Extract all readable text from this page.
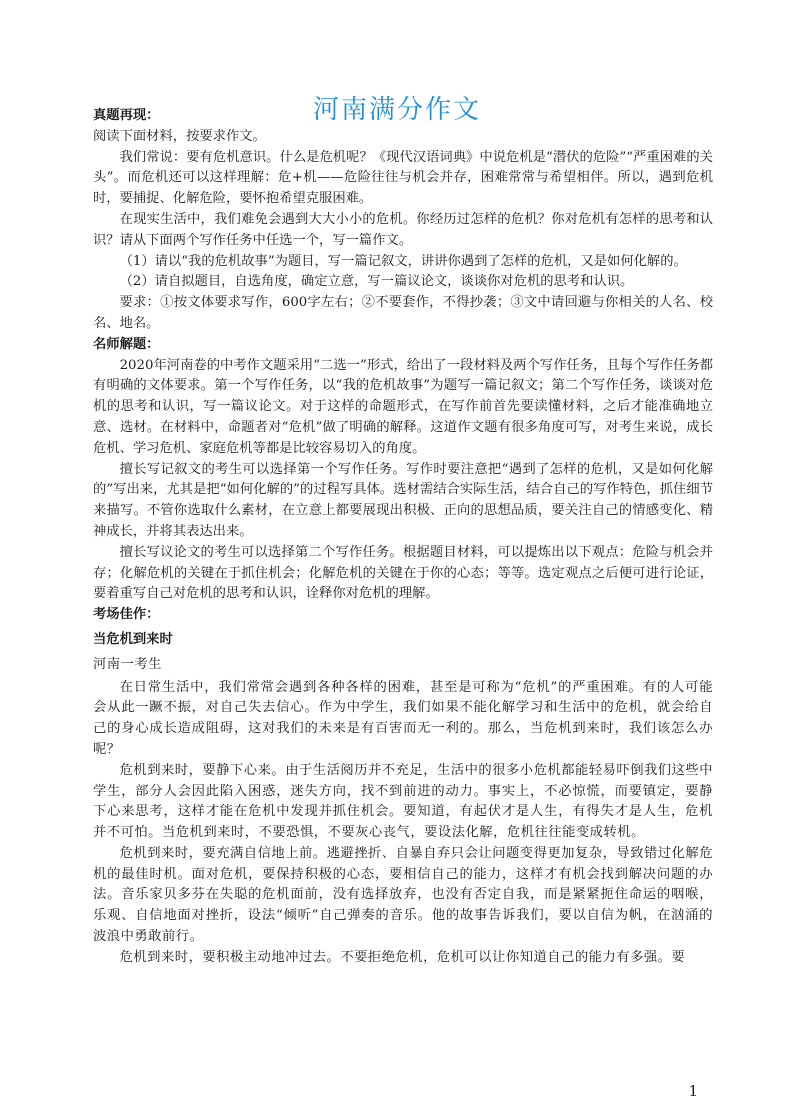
河南满分作文

真题再现：

阅读下面材料，按要求作文。

我们常说：要有危机意识。什么是危机呢？《现代汉语词典》中说危机是“潜伏的危险”“严重困难的关头”。而危机还可以这样理解：危+机——危险往往与机会并存，困难常常与希望相伴。所以，遇到危机时，要捕捉、化解危险，要怀抱希望克服困难。

在现实生活中，我们难免会遇到大大小小的危机。你经历过怎样的危机？你对危机有怎样的思考和认识？请从下面两个写作任务中任选一个，写一篇作文。

（1）请以“我的危机故事”为题目，写一篇记叙文，讲讲你遇到了怎样的危机，又是如何化解的。

（2）请自拟题目，自选角度，确定立意，写一篇议论文，谈谈你对危机的思考和认识。

要求：①按文体要求写作，600字左右；②不要套作，不得抄袭；③文中请回避与你相关的人名、校名、地名。

名师解题：

2020年河南卷的中考作文题采用“二选一”形式，给出了一段材料及两个写作任务，且每个写作任务都有明确的文体要求。第一个写作任务，以“我的危机故事”为题写一篇记叙文；第二个写作任务，谈谈对危机的思考和认识，写一篇议论文。对于这样的命题形式，在写作前首先要读懂材料，之后才能准确地立意、选材。在材料中，命题者对“危机”做了明确的解释。这道作文题有很多角度可写，对考生来说，成长危机、学习危机、家庭危机等都是比较容易切入的角度。

擅长写记叙文的考生可以选择第一个写作任务。写作时要注意把“遇到了怎样的危机，又是如何化解的”写出来，尤其是把“如何化解的”的过程写具体。选材需结合实际生活，结合自己的写作特色，抓住细节来描写。不管你选取什么素材，在立意上都要展现出积极、正向的思想品质，要关注自己的情感变化、精神成长，并将其表达出来。

擅长写议论文的考生可以选择第二个写作任务。根据题目材料，可以提炼出以下观点：危险与机会并存；化解危机的关键在于抓住机会；化解危机的关键在于你的心态；等等。选定观点之后便可进行论证，要着重写自己对危机的思考和认识，诠释你对危机的理解。

考场佳作：

当危机到来时

河南一考生

在日常生活中，我们常常会遇到各种各样的困难，甚至是可称为“危机”的严重困难。有的人可能会从此一蹶不振，对自己失去信心。作为中学生，我们如果不能化解学习和生活中的危机，就会给自己的身心成长造成阻碍，这对我们的未来是有百害而无一利的。那么，当危机到来时，我们该怎么办呢？

危机到来时，要静下心来。由于生活阅历并不充足，生活中的很多小危机都能轻易吓倒我们这些中学生，部分人会因此陷入困惑，迷失方向，找不到前进的动力。事实上，不必惊慌，而要镇定，要静下心来思考，这样才能在危机中发现并抓住机会。要知道，有起伏才是人生，有得失才是人生，危机并不可怕。当危机到来时，不要恐惧，不要灰心丧气，要设法化解，危机往往能变成转机。

危机到来时，要充满自信地上前。逃避挫折、自暴自弃只会让问题变得更加复杂，导致错过化解危机的最佳时机。面对危机，要保持积极的心态，要相信自己的能力，这样才有机会找到解决问题的办法。音乐家贝多芬在失聪的危机面前，没有选择放弃，也没有否定自我，而是紧紧扼住命运的咽喉，乐观、自信地面对挫折，设法“倾听”自己弹奏的音乐。他的故事告诉我们，要以自信为帆，在汹涌的波浪中勇敢前行。

危机到来时，要积极主动地冲过去。不要拒绝危机，危机可以让你知道自己的能力有多强。要

1
